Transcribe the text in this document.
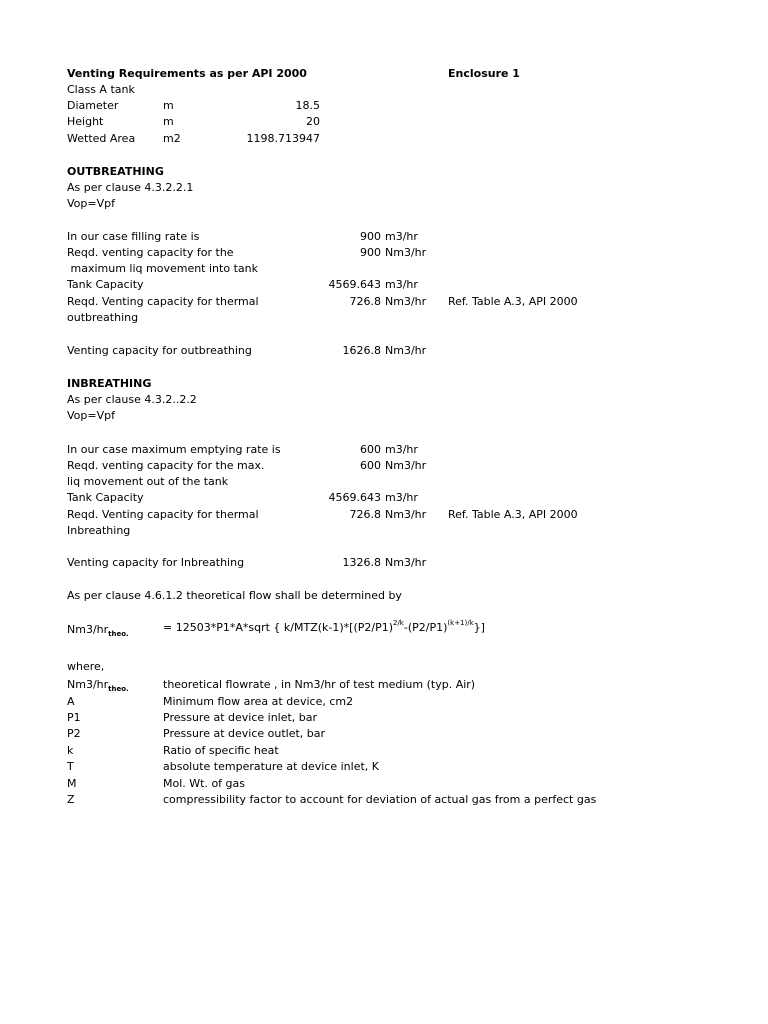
Venting Requirements as per API 2000	Enclosure 1
Class A tank
Diameter	m	18.5
Height	m	20
Wetted Area	m2	1198.713947
OUTBREATHING
As per clause 4.3.2.2.1
Vop=Vpf
In our case filling rate is	900 m3/hr
Reqd. venting capacity for the	900 Nm3/hr
maximum liq movement into tank
Tank Capacity	4569.643 m3/hr
Reqd. Venting capacity for thermal	726.8 Nm3/hr Ref. Table A.3, API 2000
outbreathing
Venting capacity for outbreathing	1626.8 Nm3/hr
INBREATHING
As per clause 4.3.2..2.2
Vop=Vpf
In our case maximum emptying rate is	600 m3/hr
Reqd. venting capacity for the max.	600 Nm3/hr
liq movement out of the tank
Tank Capacity	4569.643 m3/hr
Reqd. Venting capacity for thermal	726.8 Nm3/hr Ref. Table A.3, API 2000
Inbreathing
Venting capacity for Inbreathing	1326.8 Nm3/hr
As per clause 4.6.1.2 theoretical flow shall be determined by
$Nm3/hr_{theo.}$
= 12503*P1*A*sqrt { $k/MTZ(k-1)*[(P2/P1)^{2/k}-(P2/P1)^{(k+1)/k}\}$]
where,
$Nm3/hr_{theo.}$	theoretical flowrate , in Nm3/hr of test medium (typ. Air)
A	Minimum flow area at device, cm2
P1	Pressure at device inlet, bar
P2	Pressure at device outlet, bar
k	Ratio of specific heat
T	absolute temperature at device inlet, K
M	Mol. Wt. of gas
Z	compressibility factor to account for deviation of actual gas from a perfect gas
